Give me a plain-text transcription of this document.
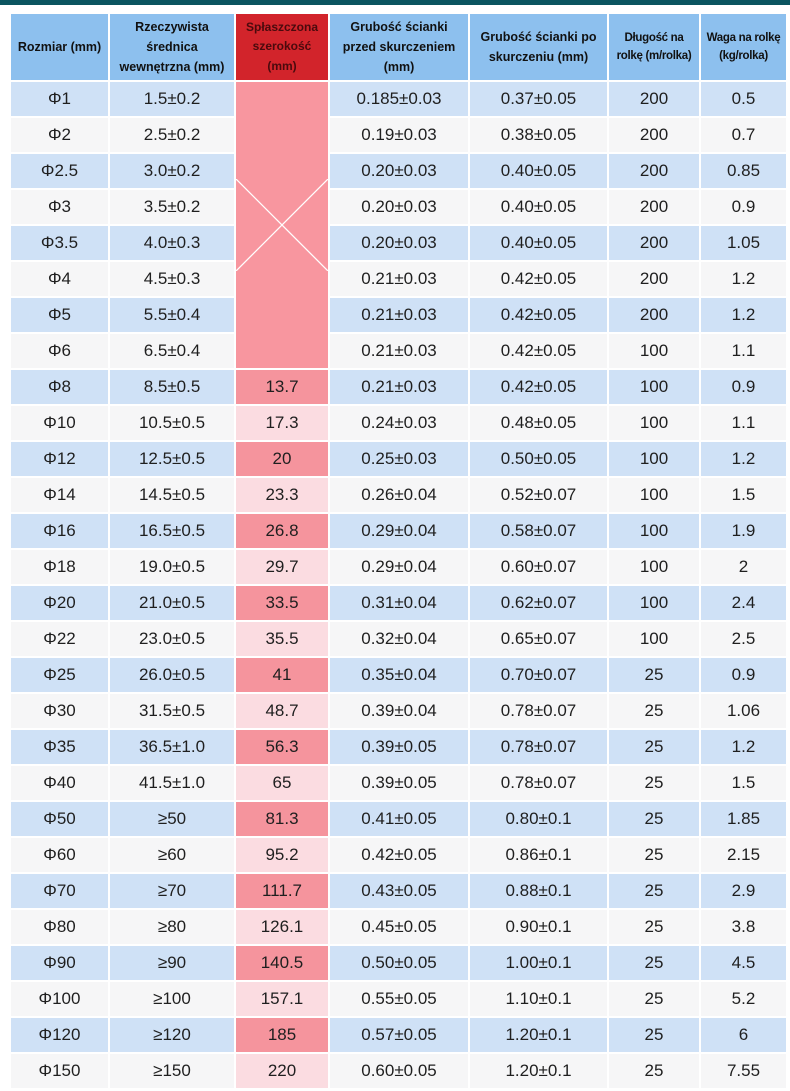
Rozmiar (mm)	Rzeczywista średnica wewnętrzna (mm)	Spłaszczona szerokość (mm)	Grubość ścianki przed skurczeniem (mm)	Grubość ścianki po skurczeniu (mm)	Długość na rolkę (m/rolka)	Waga na rolkę (kg/rolka)
Φ1	1.5±0.2		0.185±0.03	0.37±0.05	200	0.5
Φ2	2.5±0.2		0.19±0.03	0.38±0.05	200	0.7
Φ2.5	3.0±0.2		0.20±0.03	0.40±0.05	200	0.85
Φ3	3.5±0.2		0.20±0.03	0.40±0.05	200	0.9
Φ3.5	4.0±0.3		0.20±0.03	0.40±0.05	200	1.05
Φ4	4.5±0.3		0.21±0.03	0.42±0.05	200	1.2
Φ5	5.5±0.4		0.21±0.03	0.42±0.05	200	1.2
Φ6	6.5±0.4		0.21±0.03	0.42±0.05	100	1.1
Φ8	8.5±0.5	13.7	0.21±0.03	0.42±0.05	100	0.9
Φ10	10.5±0.5	17.3	0.24±0.03	0.48±0.05	100	1.1
Φ12	12.5±0.5	20	0.25±0.03	0.50±0.05	100	1.2
Φ14	14.5±0.5	23.3	0.26±0.04	0.52±0.07	100	1.5
Φ16	16.5±0.5	26.8	0.29±0.04	0.58±0.07	100	1.9
Φ18	19.0±0.5	29.7	0.29±0.04	0.60±0.07	100	2
Φ20	21.0±0.5	33.5	0.31±0.04	0.62±0.07	100	2.4
Φ22	23.0±0.5	35.5	0.32±0.04	0.65±0.07	100	2.5
Φ25	26.0±0.5	41	0.35±0.04	0.70±0.07	25	0.9
Φ30	31.5±0.5	48.7	0.39±0.04	0.78±0.07	25	1.06
Φ35	36.5±1.0	56.3	0.39±0.05	0.78±0.07	25	1.2
Φ40	41.5±1.0	65	0.39±0.05	0.78±0.07	25	1.5
Φ50	≥50	81.3	0.41±0.05	0.80±0.1	25	1.85
Φ60	≥60	95.2	0.42±0.05	0.86±0.1	25	2.15
Φ70	≥70	111.7	0.43±0.05	0.88±0.1	25	2.9
Φ80	≥80	126.1	0.45±0.05	0.90±0.1	25	3.8
Φ90	≥90	140.5	0.50±0.05	1.00±0.1	25	4.5
Φ100	≥100	157.1	0.55±0.05	1.10±0.1	25	5.2
Φ120	≥120	185	0.57±0.05	1.20±0.1	25	6
Φ150	≥150	220	0.60±0.05	1.20±0.1	25	7.55
